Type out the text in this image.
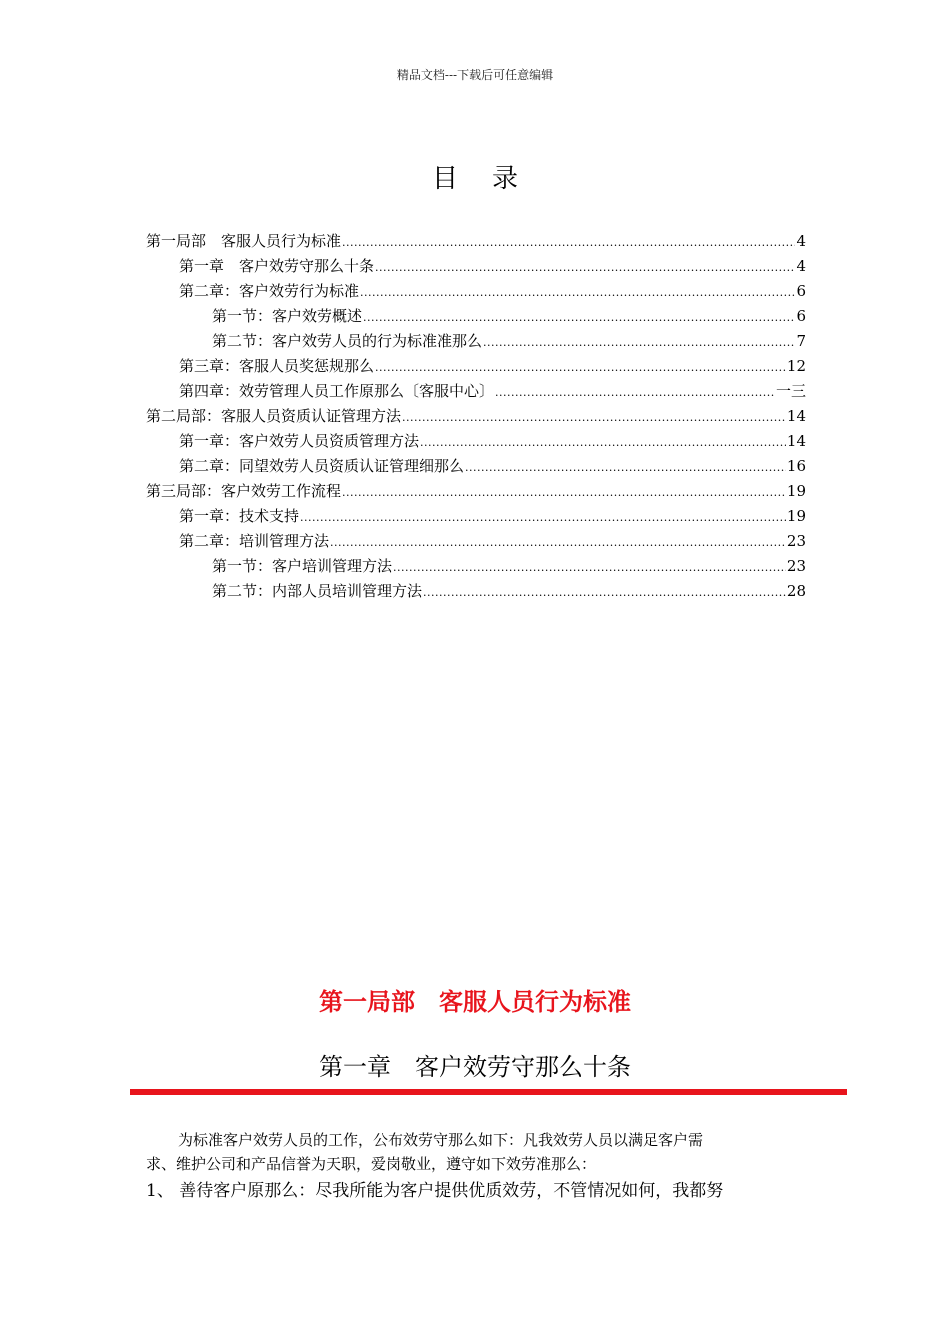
精品文档---下载后可任意编辑
目 录
第一局部　客服人员行为标准 .....	4
第一章　客户效劳守那么十条 .....	4
第二章：客户效劳行为标准 .....	6
第一节：客户效劳概述 .....	6
第二节：客户效劳人员的行为标准准那么 .....	7
第三章：客服人员奖惩规那么 .....	12
第四章：效劳管理人员工作原那么〔客服中心〕 .....	一三
第二局部：客服人员资质认证管理方法 .....	14
第一章：客户效劳人员资质管理方法 .....	14
第二章：同望效劳人员资质认证管理细那么 .....	16
第三局部：客户效劳工作流程 .....	19
第一章：技术支持 .....	19
第二章：培训管理方法 .....	23
第一节：客户培训管理方法 .....	23
第二节：内部人员培训管理方法 .....	28
第一局部　客服人员行为标准
第一章　客户效劳守那么十条
为标准客户效劳人员的工作，公布效劳守那么如下：凡我效劳人员以满足客户需
求、维护公司和产品信誉为天职，爱岗敬业，遵守如下效劳准那么：
1、 善待客户原那么：尽我所能为客户提供优质效劳，不管情况如何，我都努
